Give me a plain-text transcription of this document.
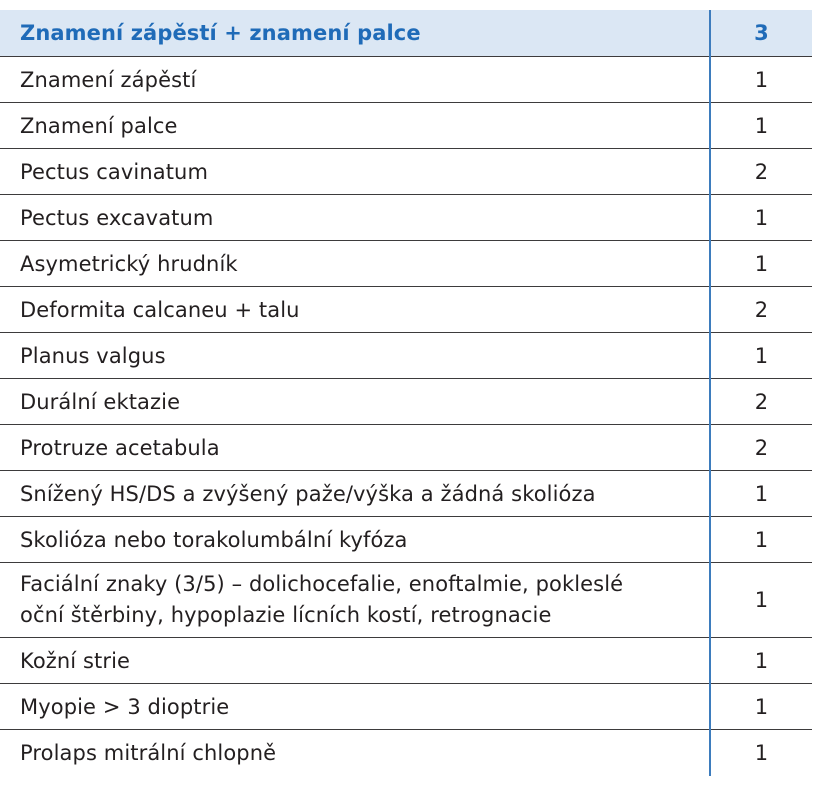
Znamení zápěstí + znamení palce	3
Znamení zápěstí	1
Znamení palce	1
Pectus cavinatum	2
Pectus excavatum	1
Asymetrický hrudník	1
Deformita calcaneu + talu	2
Planus valgus	1
Durální ektazie	2
Protruze acetabula	2
Snížený HS/DS a zvýšený paže/výška a žádná skolióza	1
Skolióza nebo torakolumbální kyfóza	1

Faciální znaky (3/5) – dolichocefalie, enoftalmie, pokleslé
oční štěrbiny, hypoplazie lícních kostí, retrognacie	1
Kožní strie	1
Myopie > 3 dioptrie	1
Prolaps mitrální chlopně	1
